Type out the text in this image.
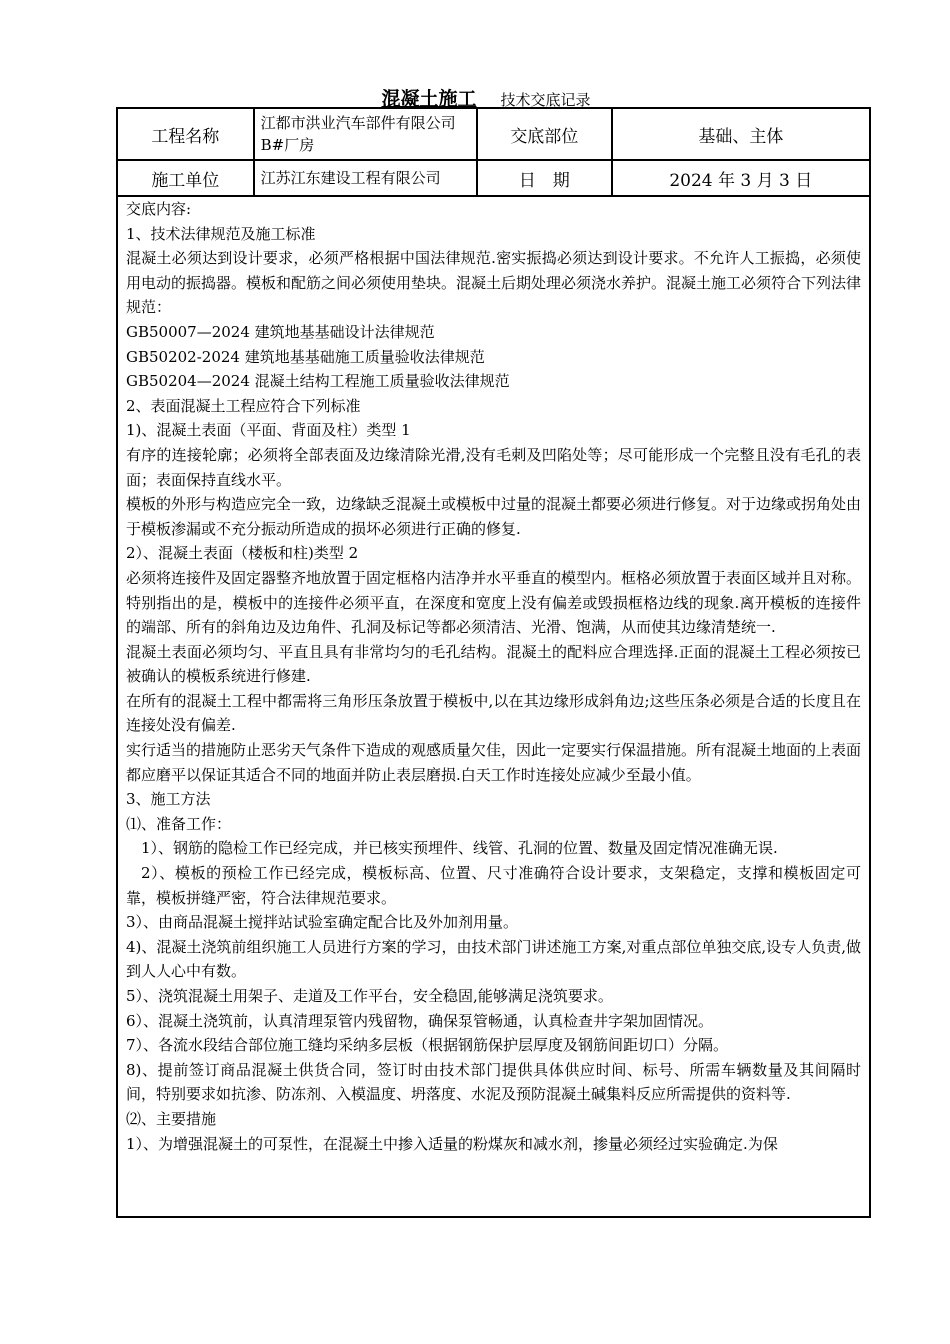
混凝土施工 技术交底记录
工程名称	江都市洪业汽车部件有限公司 B#厂房	交底部位	基础、主体
施工单位	江苏江东建设工程有限公司	日　期	2024 年 3 月 3 日

交底内容:

1、技术法律规范及施工标准

混凝土必须达到设计要求，必须严格根据中国法律规范.密实振捣必须达到设计要求。不允许人工振捣，必须使用电动的振捣器。模板和配筋之间必须使用垫块。混凝土后期处理必须浇水养护。混凝土施工必须符合下列法律规范：

GB50007—2024 建筑地基基础设计法律规范

GB50202-2024 建筑地基基础施工质量验收法律规范

GB50204—2024 混凝土结构工程施工质量验收法律规范

2、表面混凝土工程应符合下列标准

1)、混凝土表面（平面、背面及柱）类型 1

有序的连接轮廓；必须将全部表面及边缘清除光滑,没有毛刺及凹陷处等；尽可能形成一个完整且没有毛孔的表面；表面保持直线水平。

模板的外形与构造应完全一致，边缘缺乏混凝土或模板中过量的混凝土都要必须进行修复。对于边缘或拐角处由于模板渗漏或不充分振动所造成的损坏必须进行正确的修复.

2）、混凝土表面（楼板和柱)类型 2

必须将连接件及固定器整齐地放置于固定框格内洁净并水平垂直的模型内。框格必须放置于表面区域并且对称。特别指出的是，模板中的连接件必须平直，在深度和宽度上没有偏差或毁损框格边线的现象.离开模板的连接件的端部、所有的斜角边及边角件、孔洞及标记等都必须清洁、光滑、饱满，从而使其边缘清楚统一.

混凝土表面必须均匀、平直且具有非常均匀的毛孔结构。混凝土的配料应合理选择.正面的混凝土工程必须按已被确认的模板系统进行修建.

在所有的混凝土工程中都需将三角形压条放置于模板中,以在其边缘形成斜角边;这些压条必须是合适的长度且在连接处没有偏差.

实行适当的措施防止恶劣天气条件下造成的观感质量欠佳，因此一定要实行保温措施。所有混凝土地面的上表面都应磨平以保证其适合不同的地面并防止表层磨损.白天工作时连接处应减少至最小值。

3、施工方法

⑴、准备工作：

1）、钢筋的隐检工作已经完成，并已核实预埋件、线管、孔洞的位置、数量及固定情况准确无误.

2）、模板的预检工作已经完成，模板标高、位置、尺寸准确符合设计要求，支架稳定，支撑和模板固定可靠，模板拼缝严密，符合法律规范要求。

3）、由商品混凝土搅拌站试验室确定配合比及外加剂用量。

4)、混凝土浇筑前组织施工人员进行方案的学习，由技术部门讲述施工方案,对重点部位单独交底,设专人负责,做到人人心中有数。

5）、浇筑混凝土用架子、走道及工作平台，安全稳固,能够满足浇筑要求。

6）、混凝土浇筑前，认真清理泵管内残留物，确保泵管畅通，认真检查井字架加固情况。

7）、各流水段结合部位施工缝均采纳多层板（根据钢筋保护层厚度及钢筋间距切口）分隔。

8)、提前签订商品混凝土供货合同，签订时由技术部门提供具体供应时间、标号、所需车辆数量及其间隔时间，特别要求如抗渗、防冻剂、入模温度、坍落度、水泥及预防混凝土碱集料反应所需提供的资料等.

⑵、主要措施

1）、为增强混凝土的可泵性，在混凝土中掺入适量的粉煤灰和减水剂，掺量必须经过实验确定.为保
